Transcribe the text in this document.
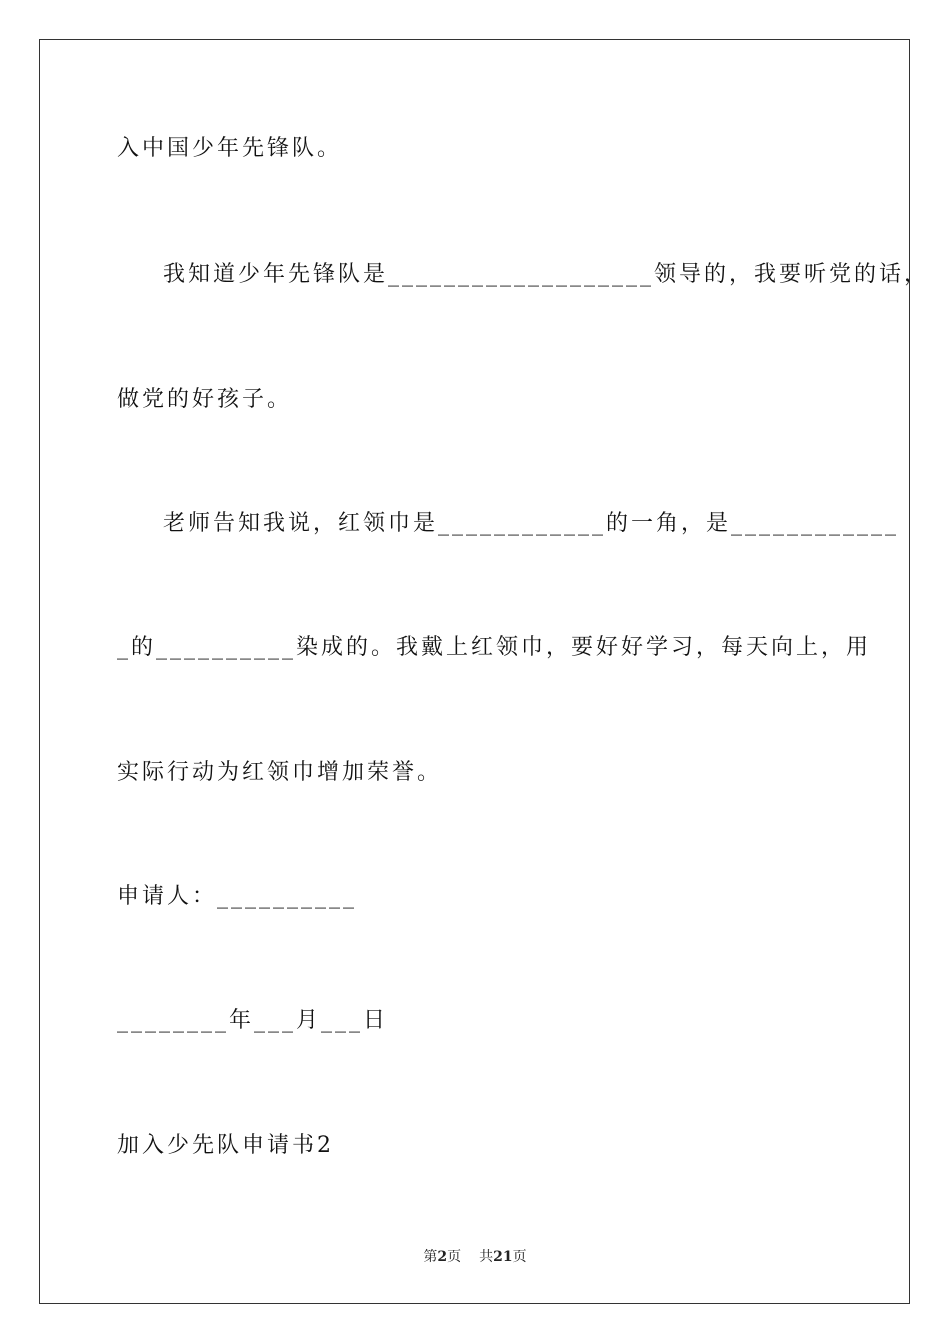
入中国少年先锋队。
我知道少年先锋队是___________________领导的，我要听党的话，
做党的好孩子。
老师告知我说，红领巾是____________的一角，是____________
_的__________染成的。我戴上红领巾，要好好学习，每天向上，用
实际行动为红领巾增加荣誉。
申请人：__________
________年___月___日
加入少先队申请书2
第2页 共21页
